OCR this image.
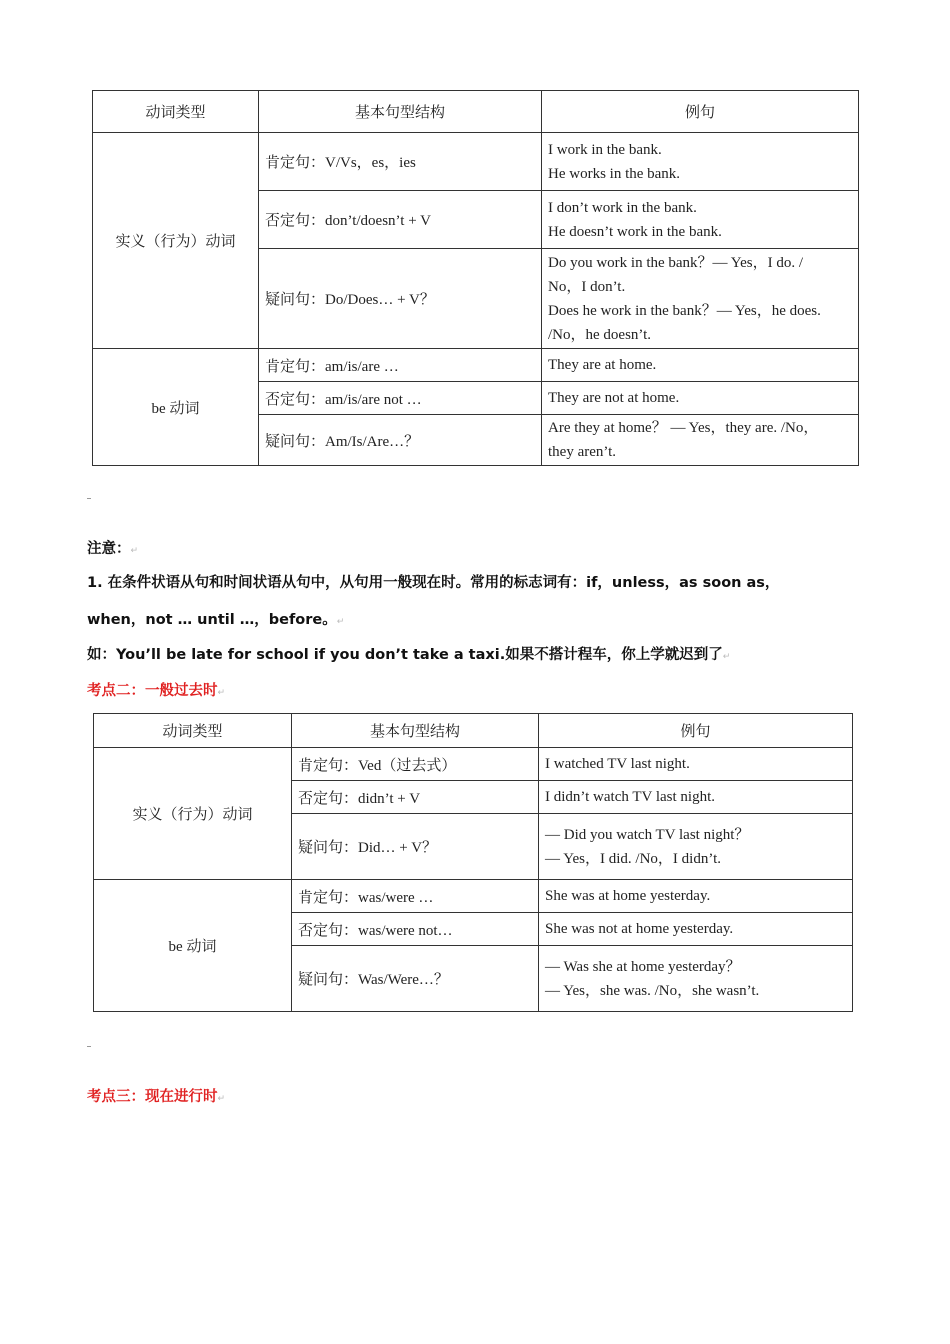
动词类型	基本句型结构	例句
实义（行为）动词	肯定句：V/Vs，es，ies	I work in the bank.
He works in the bank.

	否定句：don’t/doesn’t + V	I don’t work in the bank.
He doesn’t work in the bank.

	疑问句：Do/Does… + V？	Do you work in the bank？— Yes，I do. /
No，I don’t.
Does he work in the bank？— Yes，he does.
/No，he doesn’t.

be 动词	肯定句：am/is/are …	They are at home.
	否定句：am/is/are not …	They are not at home.
	疑问句：Am/Is/Are…？	Are they at home？ — Yes，they are. /No，
they aren’t.
注意：↵
1. 在条件状语从句和时间状语从句中，从句用一般现在时。常用的标志词有：if，unless，as soon as，
when，not … until …，before。↵
如：You’ll be late for school if you don’t take a taxi.如果不搭计程车，你上学就迟到了↵
考点二：一般过去时↵
动词类型	基本句型结构	例句
实义（行为）动词	肯定句：Ved（过去式）	I watched TV last night.
	否定句：didn’t + V	I didn’t watch TV last night.
	疑问句：Did… + V？	— Did you watch TV last night？
— Yes，I did. /No，I didn’t.

be 动词	肯定句：was/were …	She was at home yesterday.
	否定句：was/were not…	She was not at home yesterday.
	疑问句：Was/Were…？	— Was she at home yesterday？
— Yes，she was. /No，she wasn’t.
考点三：现在进行时↵
